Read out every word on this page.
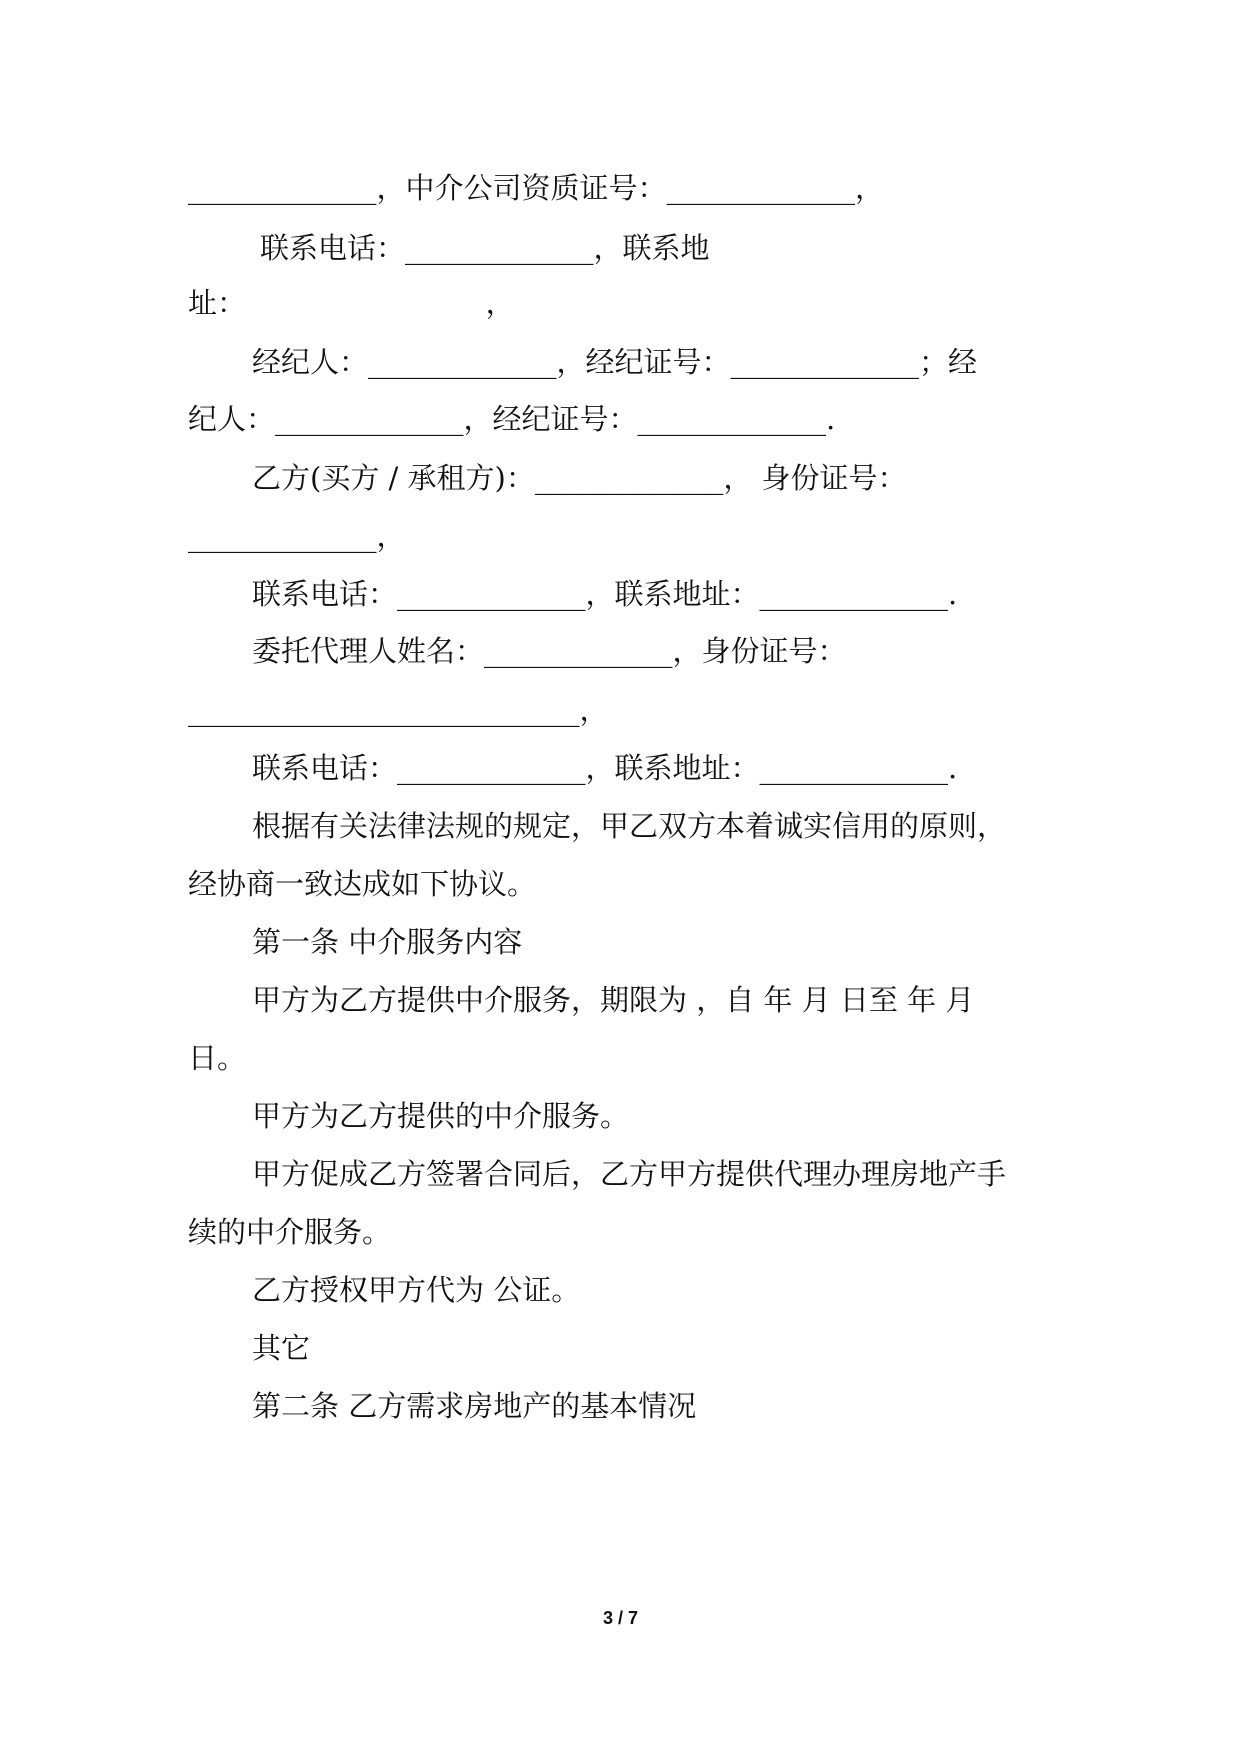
_____________，中介公司资质证号：_____________，
联系电话：_____________，联系地
址：                          ，
经纪人：_____________，经纪证号：_____________；经
纪人：_____________，经纪证号：_____________.
乙方(买方 / 承租方)：_____________， 身份证号：
_____________，
联系电话：_____________，联系地址：_____________.
委托代理人姓名：_____________，身份证号：
___________________________，
联系电话：_____________，联系地址：_____________.
根据有关法律法规的规定，甲乙双方本着诚实信用的原则，
经协商一致达成如下协议。
第一条 中介服务内容
甲方为乙方提供中介服务，期限为 ，自 年 月 日至 年 月
日。
甲方为乙方提供的中介服务。
甲方促成乙方签署合同后，乙方甲方提供代理办理房地产手
续的中介服务。
乙方授权甲方代为 公证。
其它
第二条 乙方需求房地产的基本情况
3 / 7
